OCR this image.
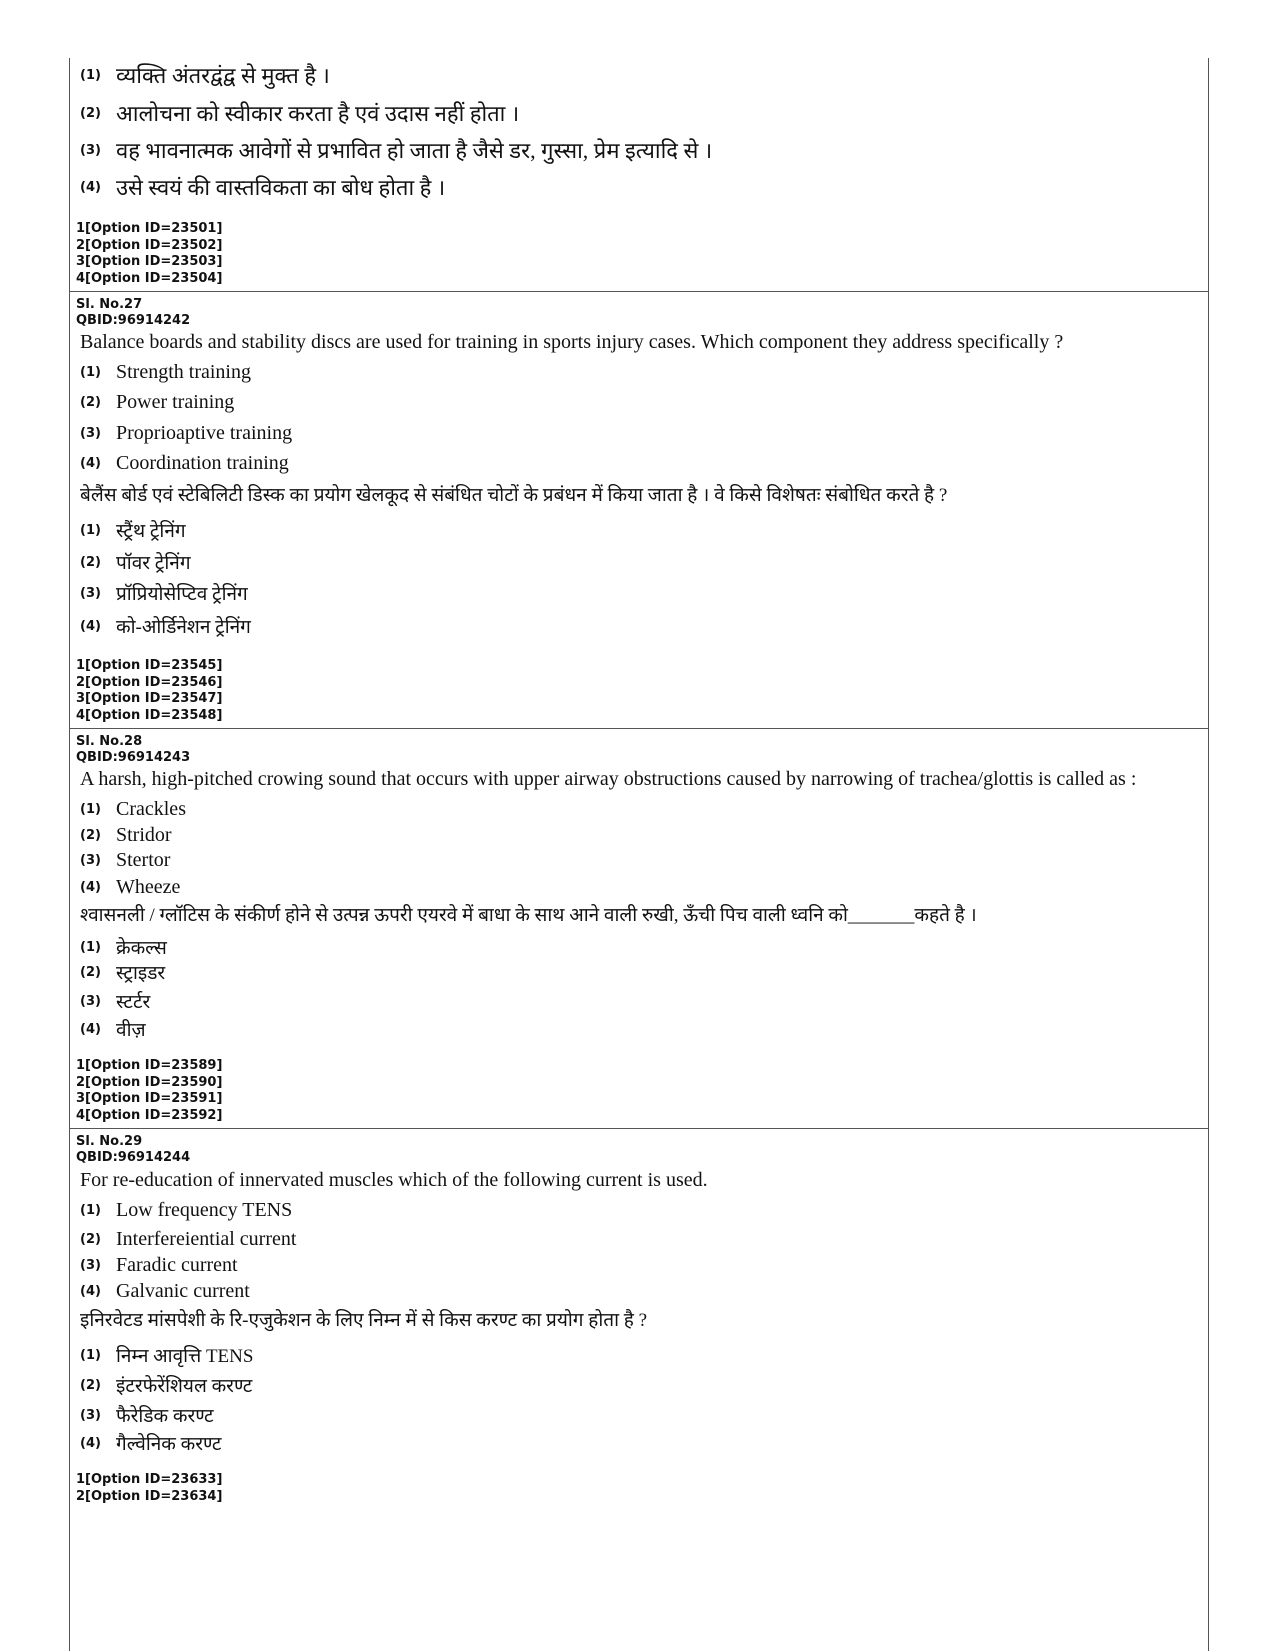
(1) व्यक्ति अंतरद्वंद्व से मुक्त है ।
(2) आलोचना को स्वीकार करता है एवं उदास नहीं होता ।
(3) वह भावनात्मक आवेगों से प्रभावित हो जाता है जैसे डर, गुस्सा, प्रेम इत्यादि से ।
(4) उसे स्वयं की वास्तविकता का बोध होता है ।
1[Option ID=23501]
2[Option ID=23502]
3[Option ID=23503]
4[Option ID=23504]
Sl. No.27
QBID:96914242
Balance boards and stability discs are used for training in sports injury cases. Which component they address specifically ?
(1) Strength training
(2) Power training
(3) Proprioaptive training
(4) Coordination training
बेलैंस बोर्ड एवं स्टेबिलिटी डिस्क का प्रयोग खेलकूद से संबंधित चोटों के प्रबंधन में किया जाता है । वे किसे विशेषतः संबोधित करते है ?
(1) स्ट्रैंथ ट्रेनिंग
(2) पॉवर ट्रेनिंग
(3) प्रॉप्रियोसेप्टिव ट्रेनिंग
(4) को-ओर्डिनेशन ट्रेनिंग
1[Option ID=23545]
2[Option ID=23546]
3[Option ID=23547]
4[Option ID=23548]
Sl. No.28
QBID:96914243
A harsh, high-pitched crowing sound that occurs with upper airway obstructions caused by narrowing of trachea/glottis is called as :
(1) Crackles
(2) Stridor
(3) Stertor
(4) Wheeze
श्वासनली / ग्लॉटिस के संकीर्ण होने से उत्पन्न ऊपरी एयरवे में बाधा के साथ आने वाली रुखी, ऊँची पिच वाली ध्वनि को_______कहते है ।
(1) क्रेकल्स
(2) स्ट्राइडर
(3) स्टर्टर
(4) वीज़
1[Option ID=23589]
2[Option ID=23590]
3[Option ID=23591]
4[Option ID=23592]
Sl. No.29
QBID:96914244
For re-education of innervated muscles which of the following current is used.
(1) Low frequency TENS
(2) Interfereiential current
(3) Faradic current
(4) Galvanic current
इनिरवेटड मांसपेशी के रि-एजुकेशन के लिए निम्न में से किस करण्ट का प्रयोग होता है ?
(1) निम्न आवृत्ति TENS
(2) इंटरफेरेंशियल करण्ट
(3) फैरेडिक करण्ट
(4) गैल्वेनिक करण्ट
1[Option ID=23633]
2[Option ID=23634]
